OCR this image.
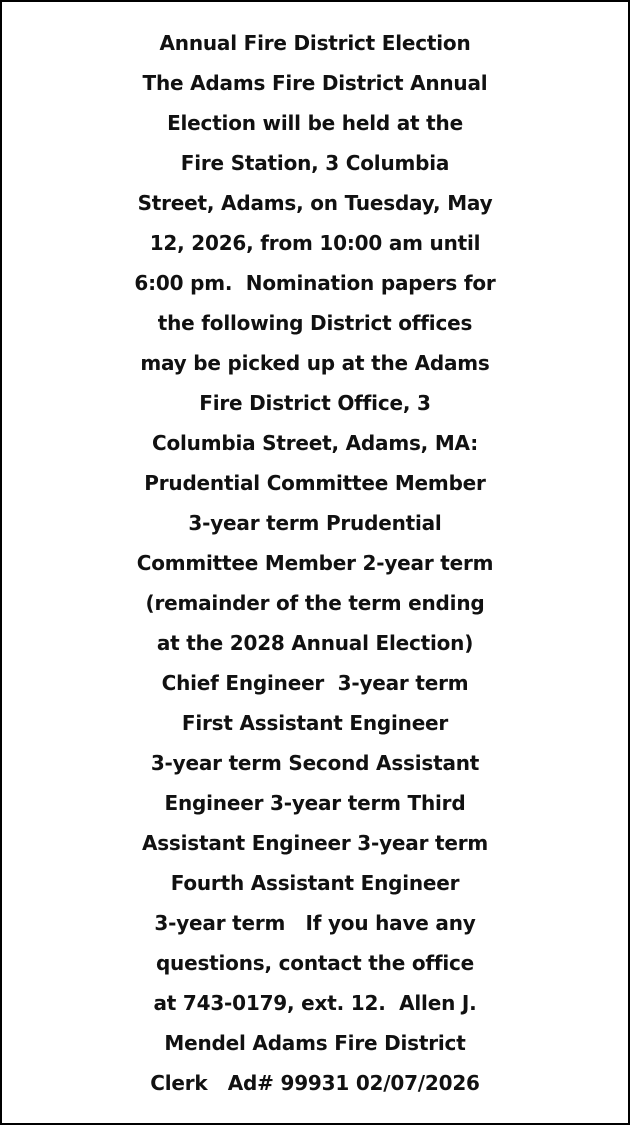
Annual Fire District Election
The Adams Fire District Annual
Election will be held at the
Fire Station, 3 Columbia
Street, Adams, on Tuesday, May
12, 2026, from 10:00 am until
6:00 pm.  Nomination papers for
the following District offices
may be picked up at the Adams
Fire District Office, 3
Columbia Street, Adams, MA:
Prudential Committee Member
3-year term Prudential
Committee Member 2-year term
(remainder of the term ending
at the 2028 Annual Election)
Chief Engineer  3-year term
First Assistant Engineer
3-year term Second Assistant
Engineer 3-year term Third
Assistant Engineer 3-year term
Fourth Assistant Engineer
3-year term   If you have any
questions, contact the office
at 743-0179, ext. 12.  Allen J.
Mendel Adams Fire District
Clerk   Ad# 99931 02/07/2026
